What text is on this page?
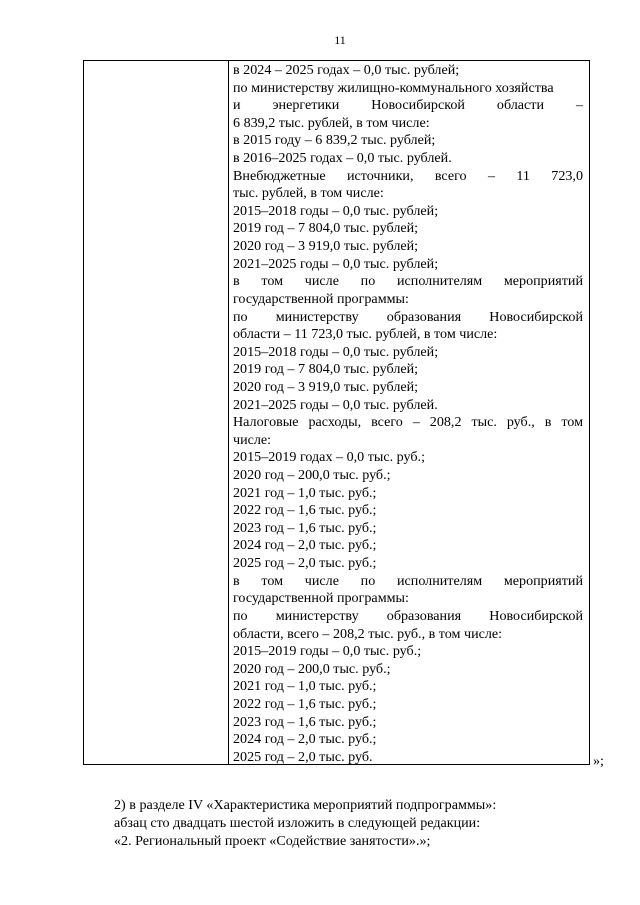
11
в 2024 – 2025 годах – 0,0 тыс. рублей;
по министерству жилищно-коммунального хозяйства
и энергетики Новосибирской области –
6 839,2 тыс. рублей, в том числе:
в 2015 году – 6 839,2 тыс. рублей;
в 2016–2025 годах – 0,0 тыс. рублей.
Внебюджетные источники, всего – 11 723,0
тыс. рублей, в том числе:
2015–2018 годы – 0,0 тыс. рублей;
2019 год – 7 804,0 тыс. рублей;
2020 год – 3 919,0 тыс. рублей;
2021–2025 годы – 0,0 тыс. рублей;
в том числе по исполнителям мероприятий
государственной программы:
по министерству образования Новосибирской
области – 11 723,0 тыс. рублей, в том числе:
2015–2018 годы – 0,0 тыс. рублей;
2019 год – 7 804,0 тыс. рублей;
2020 год – 3 919,0 тыс. рублей;
2021–2025 годы – 0,0 тыс. рублей.
Налоговые расходы, всего – 208,2 тыс. руб., в том
числе:
2015–2019 годах – 0,0 тыс. руб.;
2020 год – 200,0 тыс. руб.;
2021 год – 1,0 тыс. руб.;
2022 год – 1,6 тыс. руб.;
2023 год – 1,6 тыс. руб.;
2024 год – 2,0 тыс. руб.;
2025 год – 2,0 тыс. руб.;
в том числе по исполнителям мероприятий
государственной программы:
по министерству образования Новосибирской
области, всего – 208,2 тыс. руб., в том числе:
2015–2019 годы – 0,0 тыс. руб.;
2020 год – 200,0 тыс. руб.;
2021 год – 1,0 тыс. руб.;
2022 год – 1,6 тыс. руб.;
2023 год – 1,6 тыс. руб.;
2024 год – 2,0 тыс. руб.;
2025 год – 2,0 тыс. руб.	»;
2) в разделе IV «Характеристика мероприятий подпрограммы»:
абзац сто двадцать шестой изложить в следующей редакции:
«2. Региональный проект «Содействие занятости».»;
